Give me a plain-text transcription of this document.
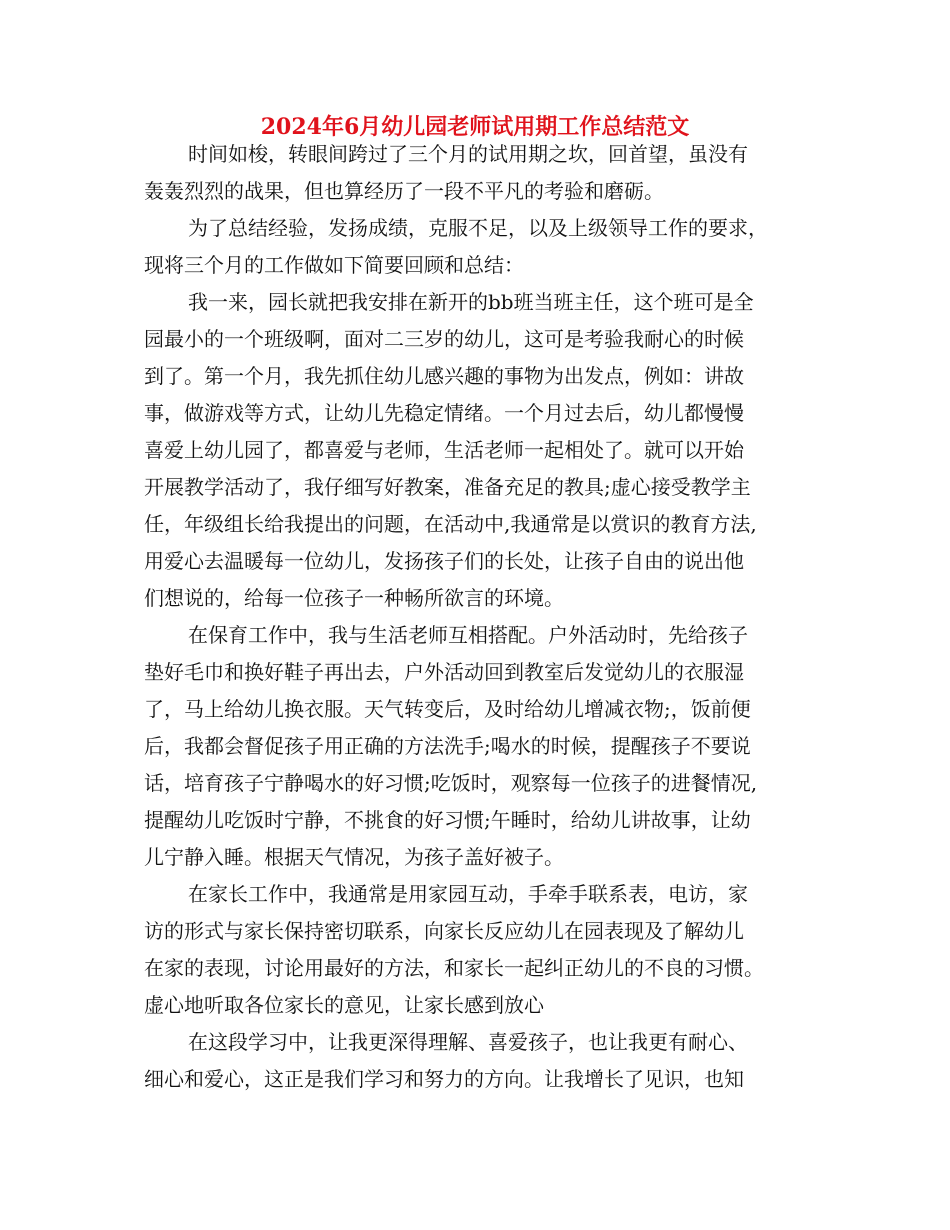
2024年6月幼儿园老师试用期工作总结范文
时间如梭，转眼间跨过了三个月的试用期之坎，回首望，虽没有
轰轰烈烈的战果，但也算经历了一段不平凡的考验和磨砺。
为了总结经验，发扬成绩，克服不足，以及上级领导工作的要求，
现将三个月的工作做如下简要回顾和总结：
我一来，园长就把我安排在新开的bb班当班主任，这个班可是全
园最小的一个班级啊，面对二三岁的幼儿，这可是考验我耐心的时候
到了。第一个月，我先抓住幼儿感兴趣的事物为出发点，例如：讲故
事，做游戏等方式，让幼儿先稳定情绪。一个月过去后，幼儿都慢慢
喜爱上幼儿园了，都喜爱与老师，生活老师一起相处了。就可以开始
开展教学活动了，我仔细写好教案，准备充足的教具;虚心接受教学主
任，年级组长给我提出的问题，在活动中,我通常是以赏识的教育方法,
用爱心去温暖每一位幼儿，发扬孩子们的长处，让孩子自由的说出他
们想说的，给每一位孩子一种畅所欲言的环境。
在保育工作中，我与生活老师互相搭配。户外活动时，先给孩子
垫好毛巾和换好鞋子再出去，户外活动回到教室后发觉幼儿的衣服湿
了，马上给幼儿换衣服。天气转变后，及时给幼儿增减衣物;，饭前便
后，我都会督促孩子用正确的方法洗手;喝水的时候，提醒孩子不要说
话，培育孩子宁静喝水的好习惯;吃饭时，观察每一位孩子的进餐情况,
提醒幼儿吃饭时宁静，不挑食的好习惯;午睡时，给幼儿讲故事，让幼
儿宁静入睡。根据天气情况，为孩子盖好被子。
在家长工作中，我通常是用家园互动，手牵手联系表，电访，家
访的形式与家长保持密切联系，向家长反应幼儿在园表现及了解幼儿
在家的表现，讨论用最好的方法，和家长一起纠正幼儿的不良的习惯。
虚心地听取各位家长的意见，让家长感到放心
在这段学习中，让我更深得理解、喜爱孩子，也让我更有耐心、
细心和爱心，这正是我们学习和努力的方向。让我增长了见识，也知
